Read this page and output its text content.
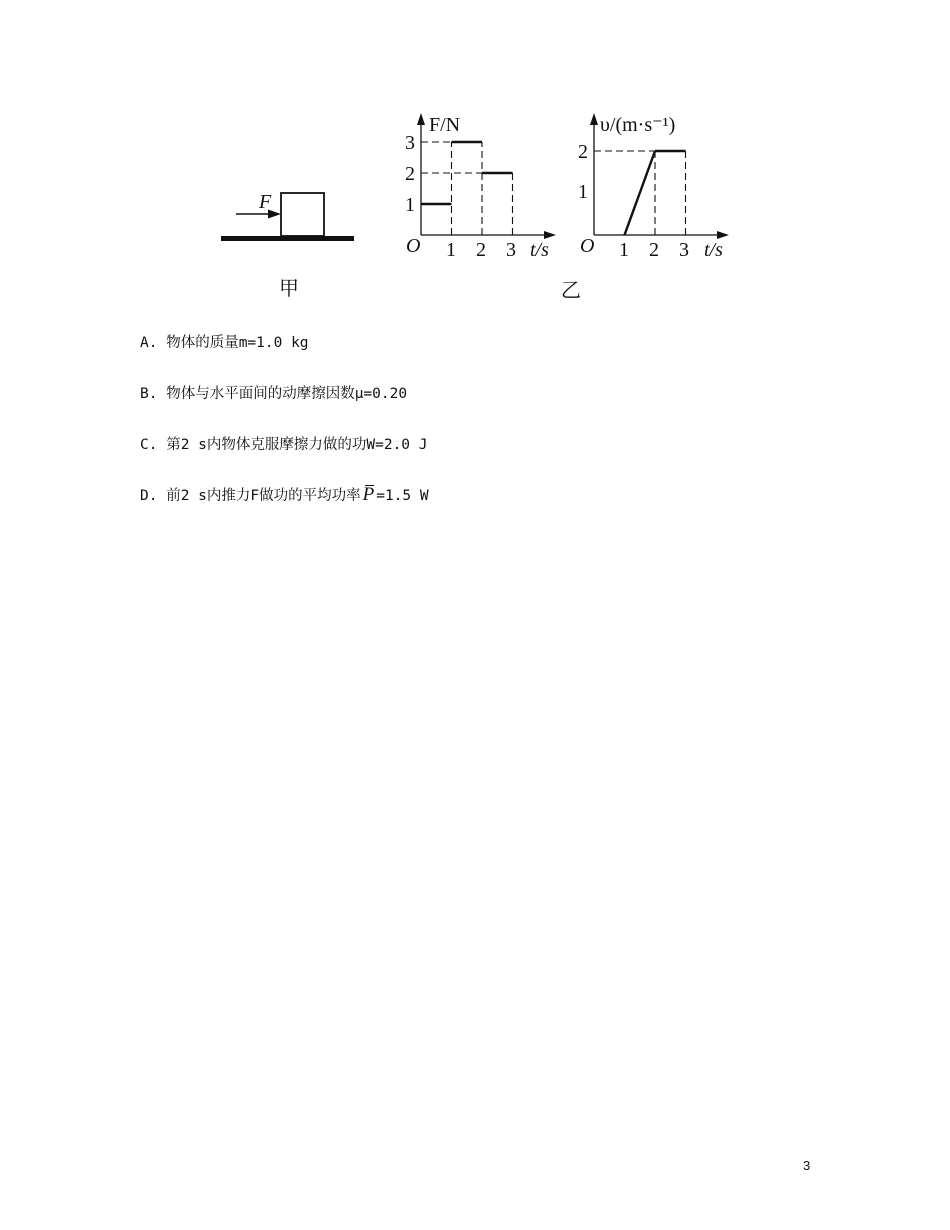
F
甲
F/N
t/s
O
1
2
3
1 2 3
υ/(m·s⁻¹)
t/s
O
1
2
1 2 3
乙
A. 物体的质量m=1.0 kg
B. 物体与水平面间的动摩擦因数μ=0.20
C. 第2 s内物体克服摩擦力做的功W=2.0 J
D. 前2 s内推力F做功的平均功率 P =1.5 W
3
